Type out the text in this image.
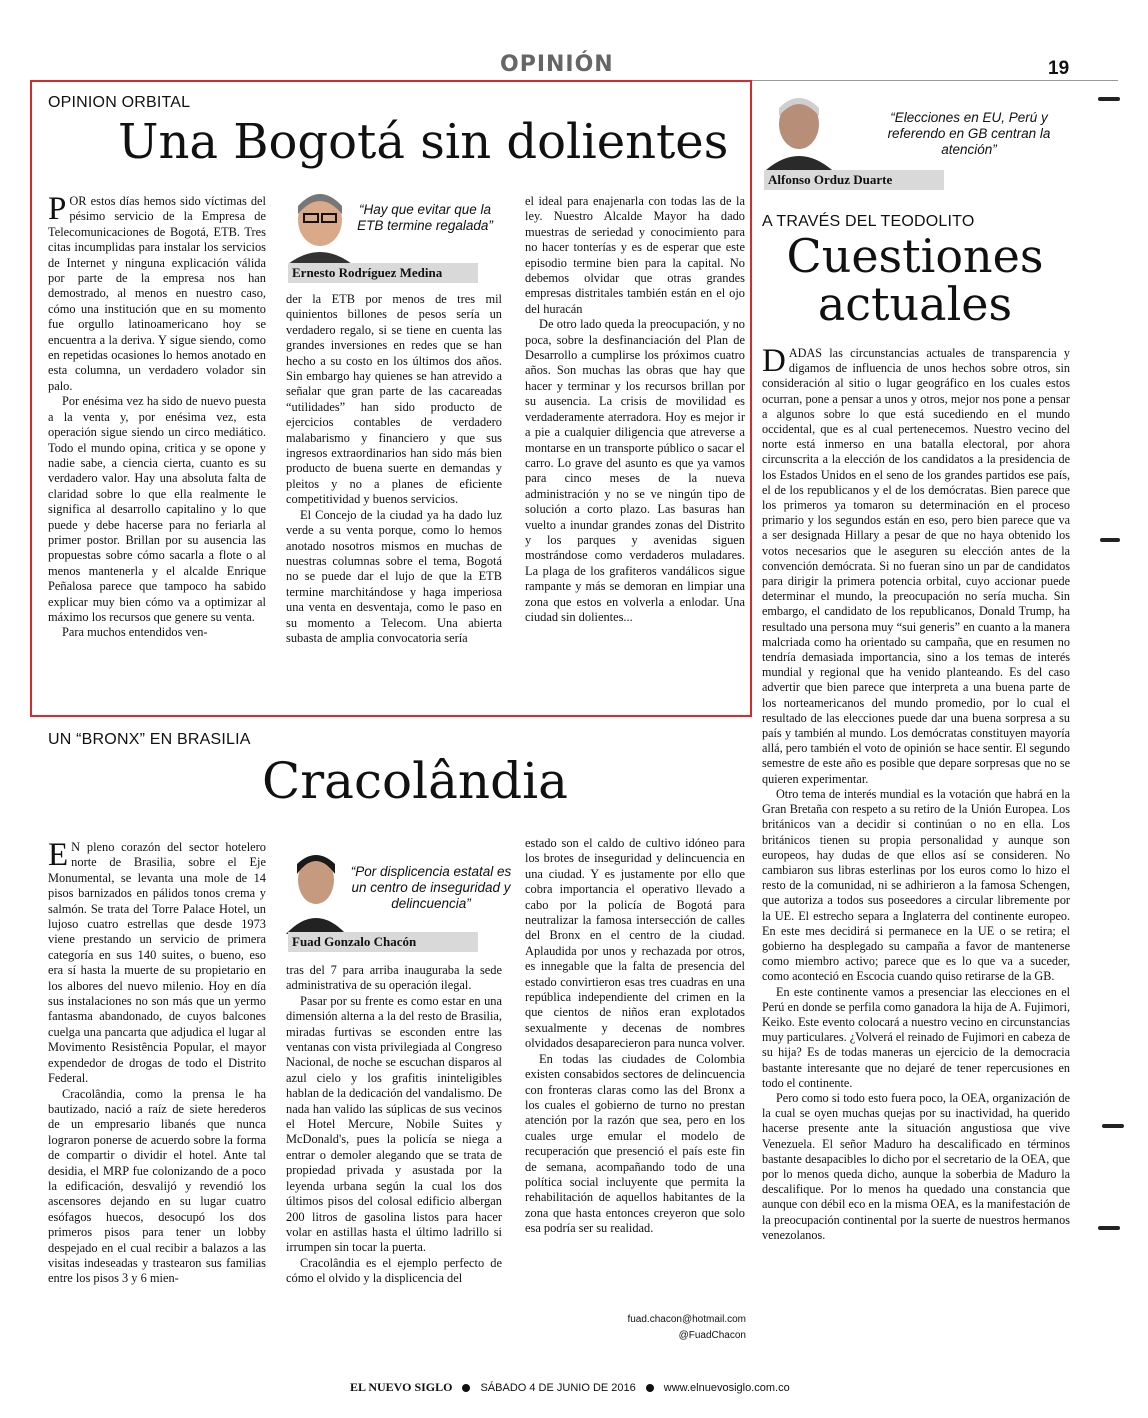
OPINIÓN	19
OPINION ORBITAL
Una Bogotá sin dolientes

POR estos días hemos sido víctimas del pésimo servicio de la Empresa de Telecomunicaciones de Bogotá, ETB. Tres citas incumplidas para instalar los servicios de Internet y ninguna explicación válida por parte de la empresa nos han demostrado, al menos en nuestro caso, cómo una institución que en su momento fue orgullo latinoamericano hoy se encuentra a la deriva. Y sigue siendo, como en repetidas ocasiones lo hemos anotado en esta columna, un verdadero volador sin palo.

Por enésima vez ha sido de nuevo puesta a la venta y, por enésima vez, esta operación sigue siendo un circo mediático. Todo el mundo opina, critica y se opone y nadie sabe, a ciencia cierta, cuanto es su verdadero valor. Hay una absoluta falta de claridad sobre lo que ella realmente le significa al desarrollo capitalino y lo que puede y debe hacerse para no feriarla al primer postor. Brillan por su ausencia las propuestas sobre cómo sacarla a flote o al menos mantenerla y el alcalde Enrique Peñalosa parece que tampoco ha sabido explicar muy bien cómo va a optimizar al máximo los recursos que genere su venta.

Para muchos entendidos ven-

“Hay que evitar que la ETB termine regalada”
Ernesto Rodríguez Medina

der la ETB por menos de tres mil quinientos billones de pesos sería un verdadero regalo, si se tiene en cuenta las grandes inversiones en redes que se han hecho a su costo en los últimos dos años. Sin embargo hay quienes se han atrevido a señalar que gran parte de las cacareadas “utilidades” han sido producto de ejercicios contables de verdadero malabarismo y financiero y que sus ingresos extraordinarios han sido más bien producto de buena suerte en demandas y pleitos y no a planes de eficiente competitividad y buenos servicios.

El Concejo de la ciudad ya ha dado luz verde a su venta porque, como lo hemos anotado nosotros mismos en muchas de nuestras columnas sobre el tema, Bogotá no se puede dar el lujo de que la ETB termine marchitándose y haga imperiosa una venta en desventaja, como le paso en su momento a Telecom. Una abierta subasta de amplia convocatoria sería

el ideal para enajenarla con todas las de la ley. Nuestro Alcalde Mayor ha dado muestras de seriedad y conocimiento para no hacer tonterías y es de esperar que este episodio termine bien para la capital. No debemos olvidar que otras grandes empresas distritales también están en el ojo del huracán

De otro lado queda la preocupación, y no poca, sobre la desfinanciación del Plan de Desarrollo a cumplirse los próximos cuatro años. Son muchas las obras que hay que hacer y terminar y los recursos brillan por su ausencia. La crisis de movilidad es verdaderamente aterradora. Hoy es mejor ir a pie a cualquier diligencia que atreverse a montarse en un transporte público o sacar el carro. Lo grave del asunto es que ya vamos para cinco meses de la nueva administración y no se ve ningún tipo de solución a corto plazo. Las basuras han vuelto a inundar grandes zonas del Distrito y los parques y avenidas siguen mostrándose como verdaderos muladares. La plaga de los grafiteros vandálicos sigue rampante y más se demoran en limpiar una zona que estos en volverla a enlodar. Una ciudad sin dolientes...

UN “BRONX” EN BRASILIA
Cracolândia

E N pleno corazón del sector hotelero norte de Brasilia, sobre el Eje Monumental, se levanta una mole de 14 pisos barnizados en pálidos tonos crema y salmón. Se trata del Torre Palace Hotel, un lujoso cuatro estrellas que desde 1973 viene prestando un servicio de primera categoría en sus 140 suites, o bueno, eso era sí hasta la muerte de su propietario en los albores del nuevo milenio. Hoy en día sus instalaciones no son más que un yermo fantasma abandonado, de cuyos balcones cuelga una pancarta que adjudica el lugar al Movimento Resistência Popular, el mayor expendedor de drogas de todo el Distrito Federal.

Cracolândia, como la prensa le ha bautizado, nació a raíz de siete herederos de un empresario libanés que nunca lograron ponerse de acuerdo sobre la forma de compartir o dividir el hotel. Ante tal desidia, el MRP fue colonizando de a poco la edificación, desvalijó y revendió los ascensores dejando en su lugar cuatro esófagos huecos, desocupó los dos primeros pisos para tener un lobby despejado en el cual recibir a balazos a las visitas indeseadas y trastearon sus familias entre los pisos 3 y 6 mien-

“Por displicencia estatal es un centro de inseguridad y delincuencia”
Fuad Gonzalo Chacón

tras del 7 para arriba inauguraba la sede administrativa de su operación ilegal.

Pasar por su frente es como estar en una dimensión alterna a la del resto de Brasilia, miradas furtivas se esconden entre las ventanas con vista privilegiada al Congreso Nacional, de noche se escuchan disparos al azul cielo y los grafitis ininteligibles hablan de la dedicación del vandalismo. De nada han valido las súplicas de sus vecinos el Hotel Mercure, Nobile Suites y McDonald's, pues la policía se niega a entrar o demoler alegando que se trata de propiedad privada y asustada por la leyenda urbana según la cual los dos últimos pisos del colosal edificio albergan 200 litros de gasolina listos para hacer volar en astillas hasta el último ladrillo si irrumpen sin tocar la puerta.

Cracolândia es el ejemplo perfecto de cómo el olvido y la displicencia del

estado son el caldo de cultivo idóneo para los brotes de inseguridad y delincuencia en una ciudad. Y es justamente por ello que cobra importancia el operativo llevado a cabo por la policía de Bogotá para neutralizar la famosa intersección de calles del Bronx en el centro de la ciudad. Aplaudida por unos y rechazada por otros, es innegable que la falta de presencia del estado convirtieron esas tres cuadras en una república independiente del crimen en la que cientos de niños eran explotados sexualmente y decenas de nombres olvidados desaparecieron para nunca volver.

En todas las ciudades de Colombia existen consabidos sectores de delincuencia con fronteras claras como las del Bronx a los cuales el gobierno de turno no prestan atención por la razón que sea, pero en los cuales urge emular el modelo de recuperación que presenció el país este fin de semana, acompañando todo de una política social incluyente que permita la rehabilitación de aquellos habitantes de la zona que hasta entonces creyeron que solo esa podría ser su realidad.

fuad.chacon@hotmail.com
@FuadChacon
“Elecciones en EU, Perú y referendo en GB centran la atención”
Alfonso Orduz Duarte
A TRAVÉS DEL TEODOLITO
Cuestiones actuales

DADAS las circunstancias actuales de transparencia y digamos de influencia de unos hechos sobre otros, sin consideración al sitio o lugar geográfico en los cuales estos ocurran, pone a pensar a unos y otros, mejor nos pone a pensar a algunos sobre lo que está sucediendo en el mundo occidental, que es al cual pertenecemos. Nuestro vecino del norte está inmerso en una batalla electoral, por ahora circunscrita a la elección de los candidatos a la presidencia de los Estados Unidos en el seno de los grandes partidos ese país, el de los republicanos y el de los demócratas. Bien parece que los primeros ya tomaron su determinación en el proceso primario y los segundos están en eso, pero bien parece que va a ser designada Hillary a pesar de que no haya obtenido los votos necesarios que le aseguren su elección antes de la convención demócrata. Si no fueran sino un par de candidatos para dirigir la primera potencia orbital, cuyo accionar puede determinar el mundo, la preocupación no sería mucha. Sin embargo, el candidato de los republicanos, Donald Trump, ha resultado una persona muy “sui generis” en cuanto a la manera malcriada como ha orientado su campaña, que en resumen no tendría demasiada importancia, sino a los temas de interés mundial y regional que ha venido planteando. Es del caso advertir que bien parece que interpreta a una buena parte de los norteamericanos del mundo promedio, por lo cual el resultado de las elecciones puede dar una buena sorpresa a su país y también al mundo. Los demócratas constituyen mayoría allá, pero también el voto de opinión se hace sentir. El segundo semestre de este año es posible que depare sorpresas que no se quieren experimentar.

Otro tema de interés mundial es la votación que habrá en la Gran Bretaña con respeto a su retiro de la Unión Europea. Los británicos van a decidir si continúan o no en ella. Los británicos tienen su propia personalidad y aunque son europeos, hay dudas de que ellos así se consideren. No cambiaron sus libras esterlinas por los euros como lo hizo el resto de la comunidad, ni se adhirieron a la famosa Schengen, que autoriza a todos sus poseedores a circular libremente por la UE. El estrecho separa a Inglaterra del continente europeo. En este mes decidirá si permanece en la UE o se retira; el gobierno ha desplegado su campaña a favor de mantenerse como miembro activo; parece que es lo que va a suceder, como aconteció en Escocia cuando quiso retirarse de la GB.

En este continente vamos a presenciar las elecciones en el Perú en donde se perfila como ganadora la hija de A. Fujimori, Keiko. Este evento colocará a nuestro vecino en circunstancias muy particulares. ¿Volverá el reinado de Fujimori en cabeza de su hija? Es de todas maneras un ejercicio de la democracia bastante interesante que no dejaré de tener repercusiones en todo el continente.

Pero como si todo esto fuera poco, la OEA, organización de la cual se oyen muchas quejas por su inactividad, ha querido hacerse presente ante la situación angustiosa que vive Venezuela. El señor Maduro ha descalificado en términos bastante desapacibles lo dicho por el secretario de la OEA, que por lo menos queda dicho, aunque la soberbia de Maduro la descalifique. Por lo menos ha quedado una constancia que aunque con débil eco en la misma OEA, es la manifestación de la preocupación continental por la suerte de nuestros hermanos venezolanos.

EL NUEVO SIGLO	SÁBADO 4 DE JUNIO DE 2016	www.elnuevosiglo.com.co
